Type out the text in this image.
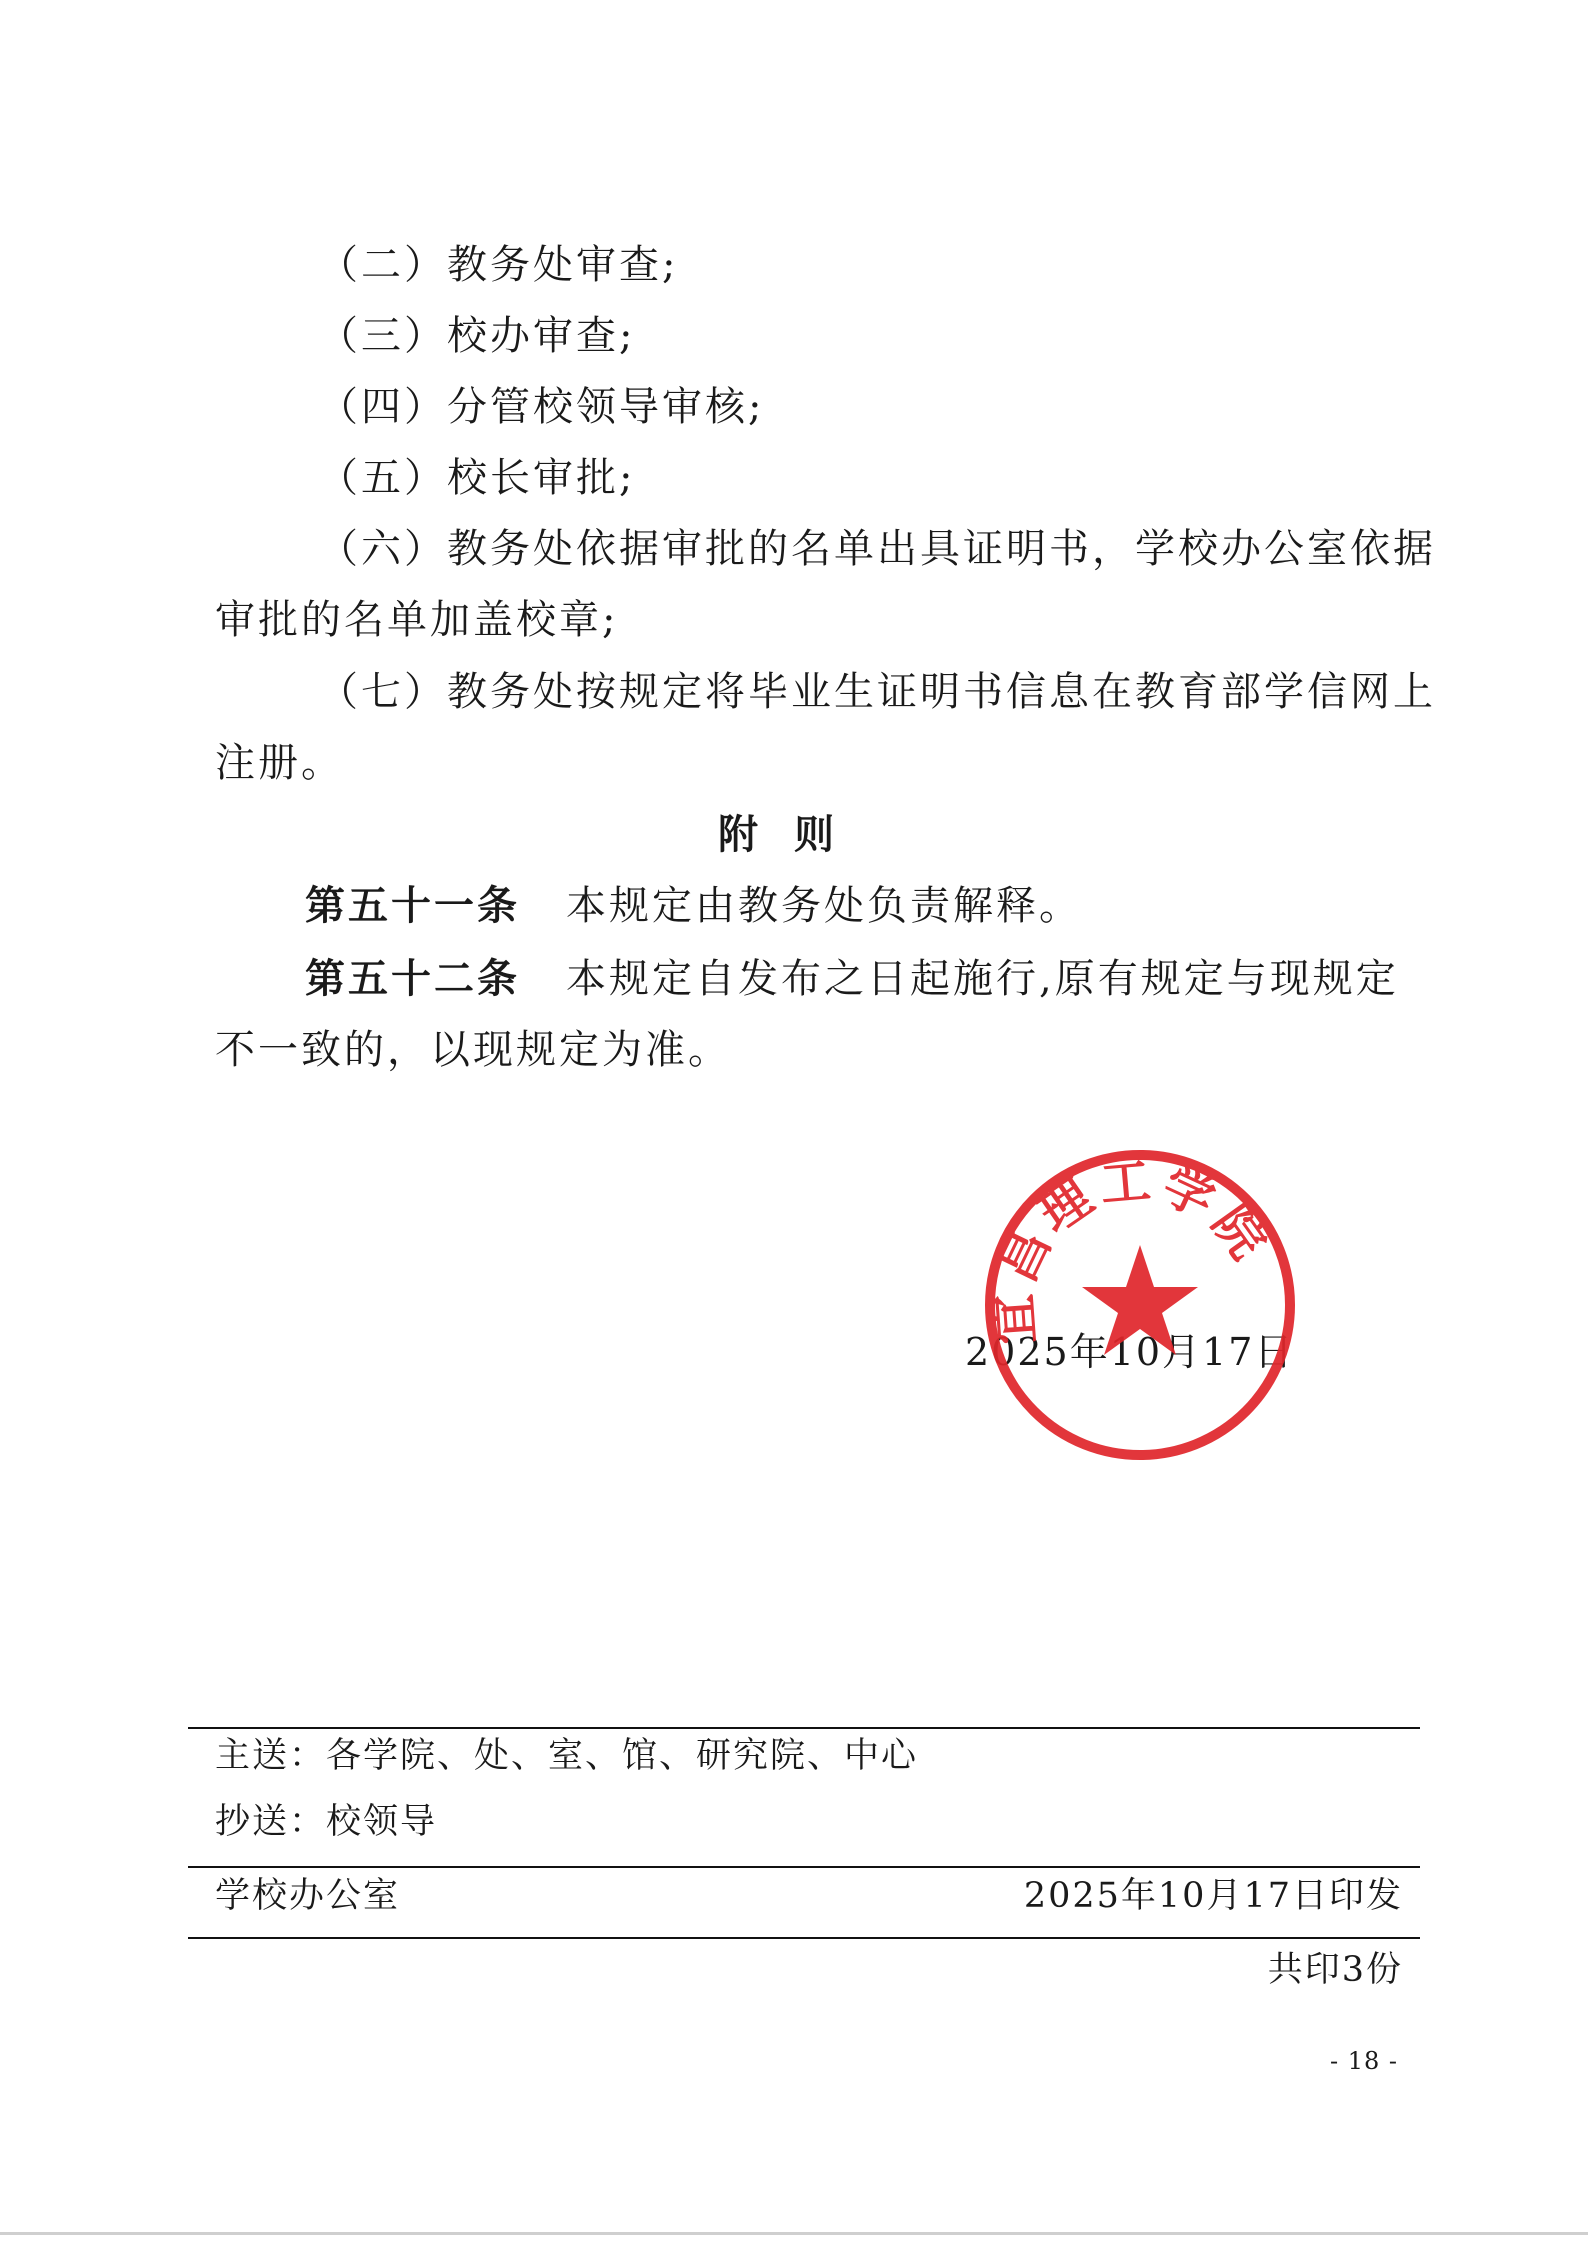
（二）教务处审查;
（三）校办审查;
（四）分管校领导审核;
（五）校长审批;
（六）教务处依据审批的名单出具证明书，学校办公室依据
审批的名单加盖校章;
（七）教务处按规定将毕业生证明书信息在教育部学信网上
注册。
附则
第五十一条 本规定由教务处负责解释。
第五十二条 本规定自发布之日起施行,原有规定与现规定
不一致的，以现规定为准。
2025年10月17日
宜昌理工学院
主送：各学院、处、室、馆、研究院、中心
抄送：校领导
学校办公室	2025年10月17日印发
共印3份
- 18 -
